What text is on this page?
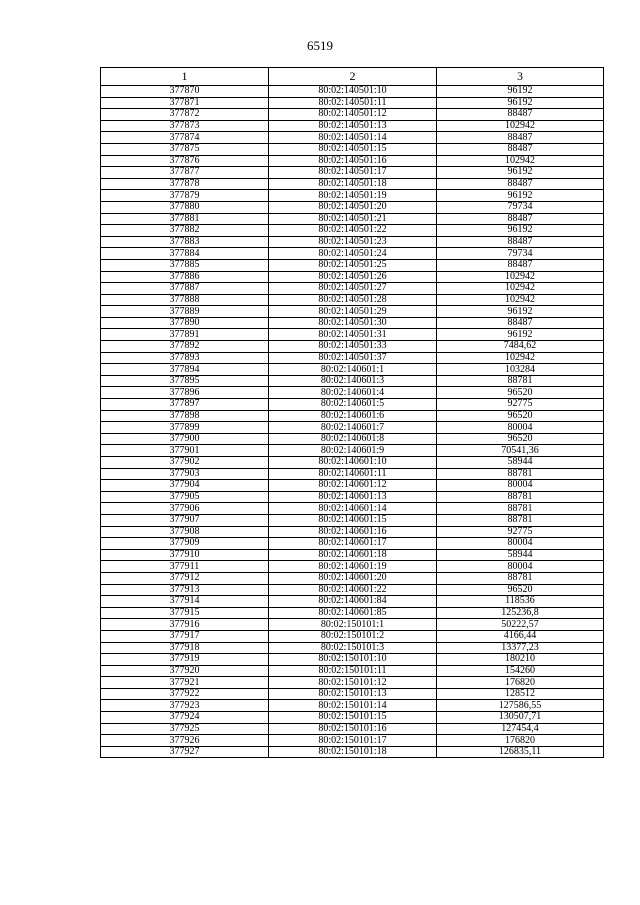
6519
1	2	3
377870	80:02:140501:10	96192
377871	80:02:140501:11	96192
377872	80:02:140501:12	88487
377873	80:02:140501:13	102942
377874	80:02:140501:14	88487
377875	80:02:140501:15	88487
377876	80:02:140501:16	102942
377877	80:02:140501:17	96192
377878	80:02:140501:18	88487
377879	80:02:140501:19	96192
377880	80:02:140501:20	79734
377881	80:02:140501:21	88487
377882	80:02:140501:22	96192
377883	80:02:140501:23	88487
377884	80:02:140501:24	79734
377885	80:02:140501:25	88487
377886	80:02:140501:26	102942
377887	80:02:140501:27	102942
377888	80:02:140501:28	102942
377889	80:02:140501:29	96192
377890	80:02:140501:30	88487
377891	80:02:140501:31	96192
377892	80:02:140501:33	7484,62
377893	80:02:140501:37	102942
377894	80:02:140601:1	103284
377895	80:02:140601:3	88781
377896	80:02:140601:4	96520
377897	80:02:140601:5	92775
377898	80:02:140601:6	96520
377899	80:02:140601:7	80004
377900	80:02:140601:8	96520
377901	80:02:140601:9	70541,36
377902	80:02:140601:10	58944
377903	80:02:140601:11	88781
377904	80:02:140601:12	80004
377905	80:02:140601:13	88781
377906	80:02:140601:14	88781
377907	80:02:140601:15	88781
377908	80:02:140601:16	92775
377909	80:02:140601:17	80004
377910	80:02:140601:18	58944
377911	80:02:140601:19	80004
377912	80:02:140601:20	88781
377913	80:02:140601:22	96520
377914	80:02:140601:84	118536
377915	80:02:140601:85	125236,8
377916	80:02:150101:1	50222,57
377917	80:02:150101:2	4166,44
377918	80:02:150101:3	13377,23
377919	80:02:150101:10	180210
377920	80:02:150101:11	154260
377921	80:02:150101:12	176820
377922	80:02:150101:13	128512
377923	80:02:150101:14	127586,55
377924	80:02:150101:15	130507,71
377925	80:02:150101:16	127454,4
377926	80:02:150101:17	176820
377927	80:02:150101:18	126835,11
